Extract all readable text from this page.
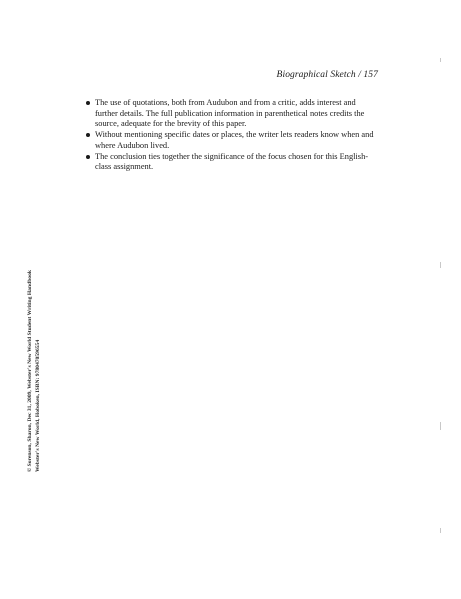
Biographical Sketch / 157
The use of quotations, both from Audubon and from a critic, adds interest and further details. The full publication information in parenthetical notes credits the source, adequate for the brevity of this paper.
Without mentioning specific dates or places, the writer lets readers know when and where Audubon lived.
The conclusion ties together the significance of the focus chosen for this English-class assignment.
© Sorenson, Sharon, Dec 31, 2009, Webster's New World Student Writing Handbook Webster's New World, Hoboken, ISBN: 9780470596554
